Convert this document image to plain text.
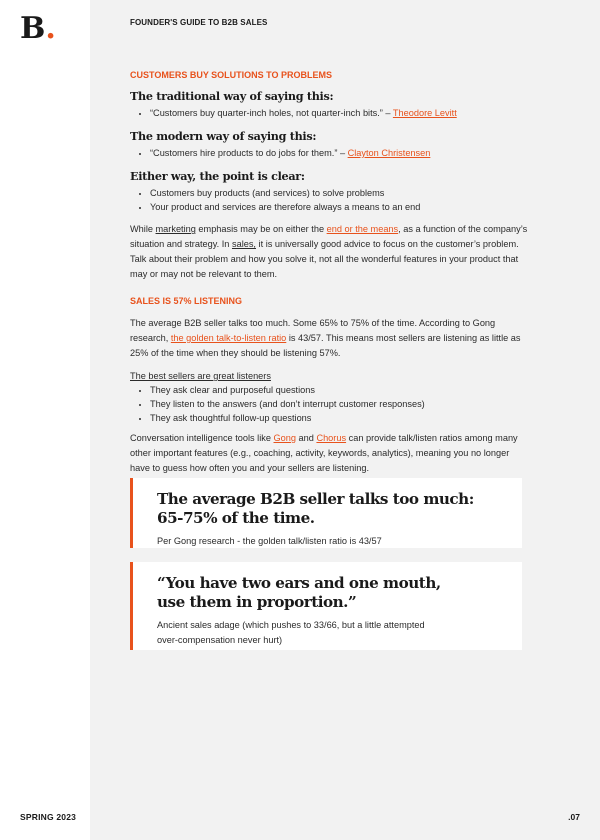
B.
SPRING 2023
FOUNDER'S GUIDE TO B2B SALES
CUSTOMERS BUY SOLUTIONS TO PROBLEMS
The traditional way of saying this:
• “Customers buy quarter-inch holes, not quarter-inch bits.” – Theodore Levitt
The modern way of saying this:
• “Customers hire products to do jobs for them.” – Clayton Christensen
Either way, the point is clear:
• Customers buy products (and services) to solve problems
• Your product and services are therefore always a means to an end

While marketing emphasis may be on either the end or the means, as a function of the company’s situation and strategy. In sales, it is universally good advice to focus on the customer’s problem. Talk about their problem and how you solve it, not all the wonderful features in your product that may or may not be relevant to them.

SALES IS 57% LISTENING

The average B2B seller talks too much. Some 65% to 75% of the time. According to Gong research, the golden talk-to-listen ratio is 43/57. This means most sellers are listening as little as 25% of the time when they should be listening 57%.

The best sellers are great listeners
• They ask clear and purposeful questions
• They listen to the answers (and don’t interrupt customer responses)
• They ask thoughtful follow-up questions

Conversation intelligence tools like Gong and Chorus can provide talk/listen ratios among many other important features (e.g., coaching, activity, keywords, analytics), meaning you no longer have to guess how often you and your sellers are listening.

The average B2B seller talks too much:
65-75% of the time.
Per Gong research - the golden talk/listen ratio is 43/57
“You have two ears and one mouth,
use them in proportion.”
Ancient sales adage (which pushes to 33/66, but a little attempted
over-compensation never hurt)
.07
